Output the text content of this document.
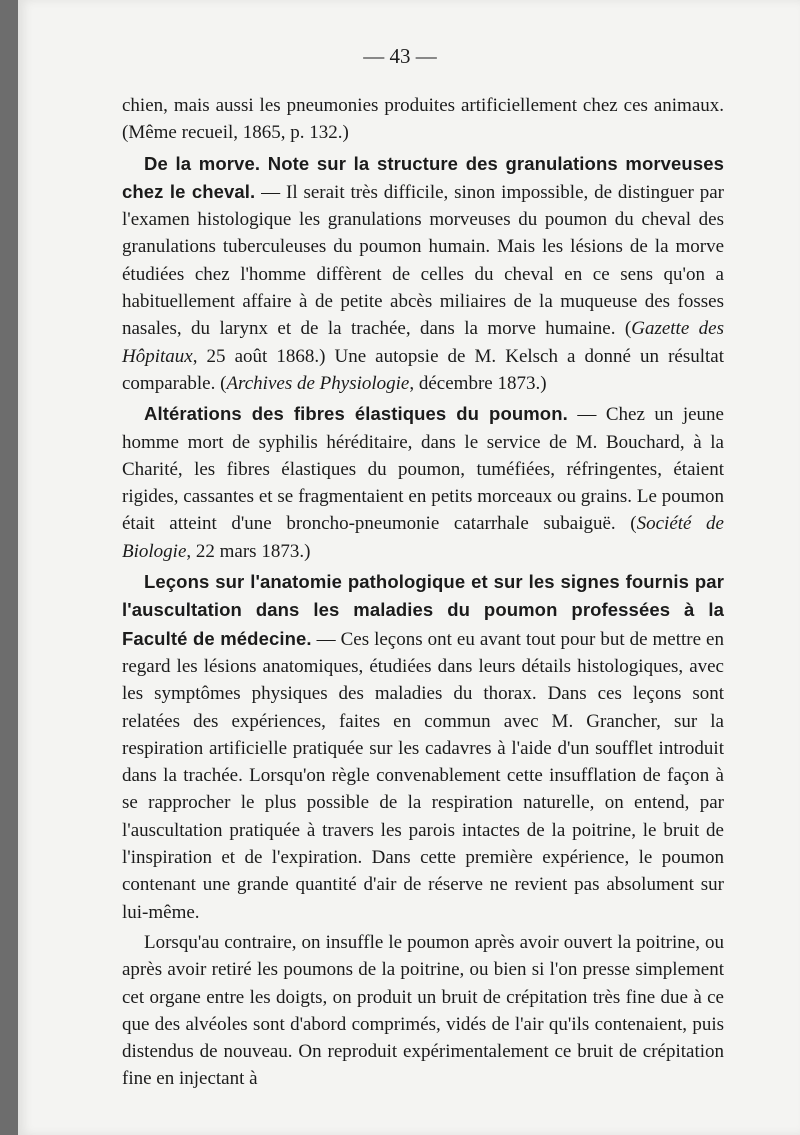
— 43 —

chien, mais aussi les pneumonies produites artificiellement chez ces animaux. (Même recueil, 1865, p. 132.)

De la morve. Note sur la structure des granulations morveuses chez le cheval. — Il serait très difficile, sinon impossible, de distinguer par l'examen histologique les granulations morveuses du poumon du cheval des granulations tuberculeuses du poumon humain. Mais les lésions de la morve étudiées chez l'homme diffèrent de celles du cheval en ce sens qu'on a habituellement affaire à de petite abcès miliaires de la muqueuse des fosses nasales, du larynx et de la trachée, dans la morve humaine. (Gazette des Hôpitaux, 25 août 1868.) Une autopsie de M. Kelsch a donné un résultat comparable. (Archives de Physiologie, décembre 1873.)

Altérations des fibres élastiques du poumon. — Chez un jeune homme mort de syphilis héréditaire, dans le service de M. Bouchard, à la Charité, les fibres élastiques du poumon, tuméfiées, réfringentes, étaient rigides, cassantes et se fragmentaient en petits morceaux ou grains. Le poumon était atteint d'une broncho-pneumonie catarrhale subaiguë. (Société de Biologie, 22 mars 1873.)

Leçons sur l'anatomie pathologique et sur les signes fournis par l'auscultation dans les maladies du poumon professées à la Faculté de médecine. — Ces leçons ont eu avant tout pour but de mettre en regard les lésions anatomiques, étudiées dans leurs détails histologiques, avec les symptômes physiques des maladies du thorax. Dans ces leçons sont relatées des expériences, faites en commun avec M. Grancher, sur la respiration artificielle pratiquée sur les cadavres à l'aide d'un soufflet introduit dans la trachée. Lorsqu'on règle convenablement cette insufflation de façon à se rapprocher le plus possible de la respiration naturelle, on entend, par l'auscultation pratiquée à travers les parois intactes de la poitrine, le bruit de l'inspiration et de l'expiration. Dans cette première expérience, le poumon contenant une grande quantité d'air de réserve ne revient pas absolument sur lui-même.

Lorsqu'au contraire, on insuffle le poumon après avoir ouvert la poitrine, ou après avoir retiré les poumons de la poitrine, ou bien si l'on presse simplement cet organe entre les doigts, on produit un bruit de crépitation très fine due à ce que des alvéoles sont d'abord comprimés, vidés de l'air qu'ils contenaient, puis distendus de nouveau. On reproduit expérimentalement ce bruit de crépitation fine en injectant à
